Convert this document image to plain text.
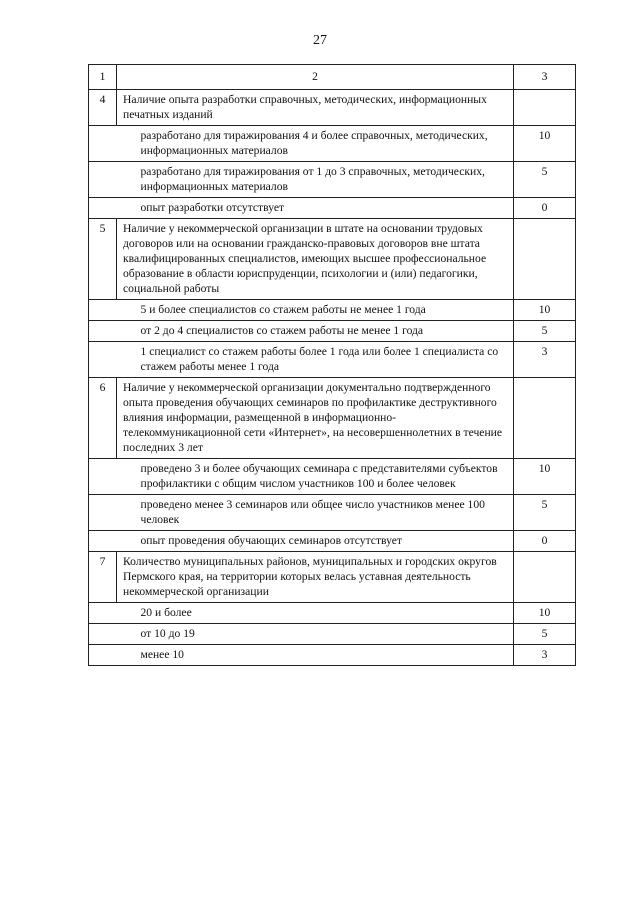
27
1	2	3
4	Наличие опыта разработки справочных, методических, информационных печатных изданий	
	разработано для тиражирования 4 и более справочных, методических, информационных материалов	10
	разработано для тиражирования от 1 до 3 справочных, методических, информационных материалов	5
	опыт разработки отсутствует	0
5	Наличие у некоммерческой организации в штате на основании трудовых договоров или на основании гражданско-правовых договоров вне штата квалифицированных специалистов, имеющих высшее профессиональное образование в области юриспруденции, психологии и (или) педагогики, социальной работы	
	5 и более специалистов со стажем работы не менее 1 года	10
	от 2 до 4 специалистов со стажем работы не менее 1 года	5
	1 специалист со стажем работы более 1 года или более 1 специалиста со стажем работы менее 1 года	3
6	Наличие у некоммерческой организации документально подтвержденного опыта проведения обучающих семинаров по профилактике деструктивного влияния информации, размещенной в информационно-телекоммуникационной сети «Интернет», на несовершеннолетних в течение последних 3 лет	
	проведено 3 и более обучающих семинара с представителями субъектов профилактики с общим числом участников 100 и более человек	10
	проведено менее 3 семинаров или общее число участников менее 100 человек	5
	опыт проведения обучающих семинаров отсутствует	0
7	Количество муниципальных районов, муниципальных и городских округов Пермского края, на территории которых велась уставная деятельность некоммерческой организации	
	20 и более	10
	от 10 до 19	5
	менее 10	3
